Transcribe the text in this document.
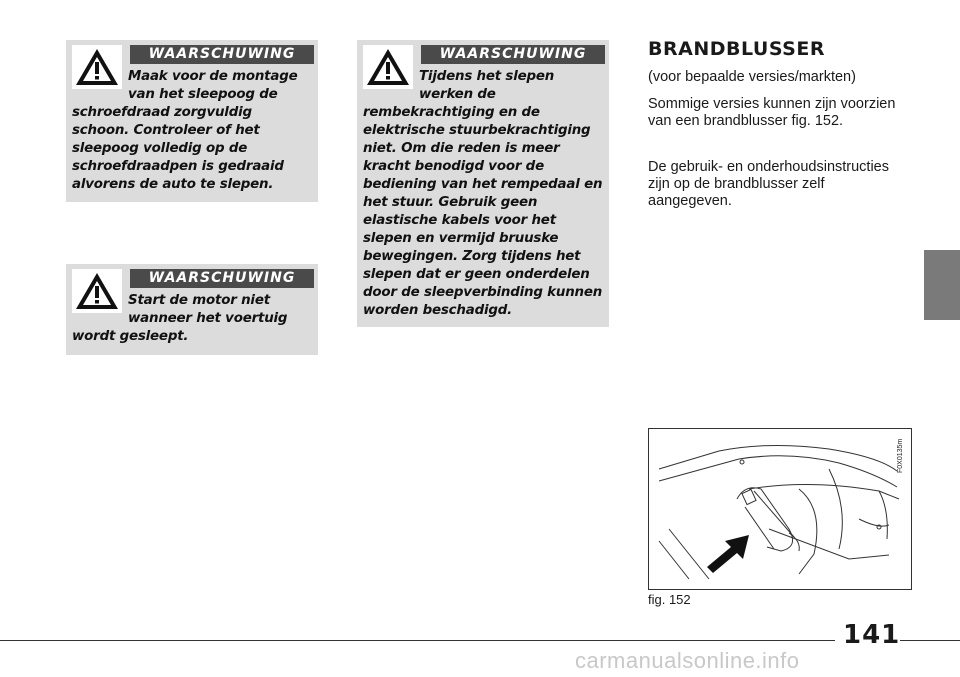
WAARSCHUWING
Maak voor de montage van het sleepoog de schroefdraad zorgvuldig schoon. Controleer of het sleepoog volledig op de schroefdraadpen is gedraaid alvorens de auto te slepen.
WAARSCHUWING
Start de motor niet wanneer het voertuig wordt gesleept.
WAARSCHUWING
Tijdens het slepen werken de rembekrachtiging en de elektrische stuurbekrachtiging niet. Om die reden is meer kracht benodigd voor de bediening van het rempedaal en het stuur. Gebruik geen elastische kabels voor het slepen en vermijd bruuske bewegingen. Zorg tijdens het slepen dat er geen onderdelen door de sleepverbinding kunnen worden beschadigd.
BRANDBLUSSER
(voor bepaalde versies/markten)
Sommige versies kunnen zijn voorzien van een brandblusser fig. 152.
De gebruik- en onderhoudsinstructies zijn op de brandblusser zelf aangegeven.
F0X0135m
fig. 152
141
carmanualsonline.info
